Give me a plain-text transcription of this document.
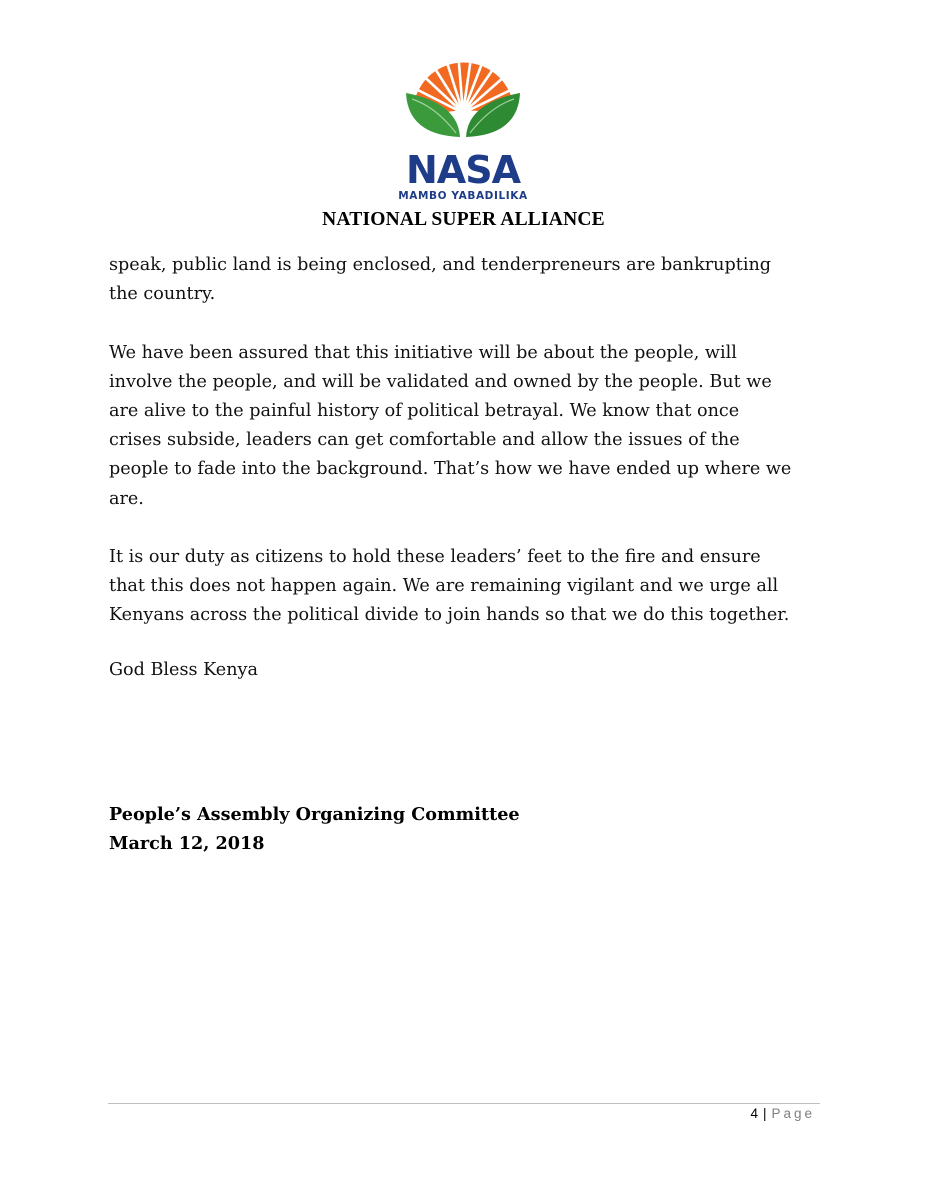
NASA
MAMBO YABADILIKA
NATIONAL SUPER ALLIANCE

speak, public land is being enclosed, and tenderpreneurs are bankrupting
the country.

We have been assured that this initiative will be about the people, will
involve the people, and will be validated and owned by the people. But we
are alive to the painful history of political betrayal. We know that once
crises subside, leaders can get comfortable and allow the issues of the
people to fade into the background. That’s how we have ended up where we
are.

It is our duty as citizens to hold these leaders’ feet to the fire and ensure
that this does not happen again. We are remaining vigilant and we urge all
Kenyans across the political divide to join hands so that we do this together.

God Bless Kenya
People’s Assembly Organizing Committee
March 12, 2018
4 | Page
